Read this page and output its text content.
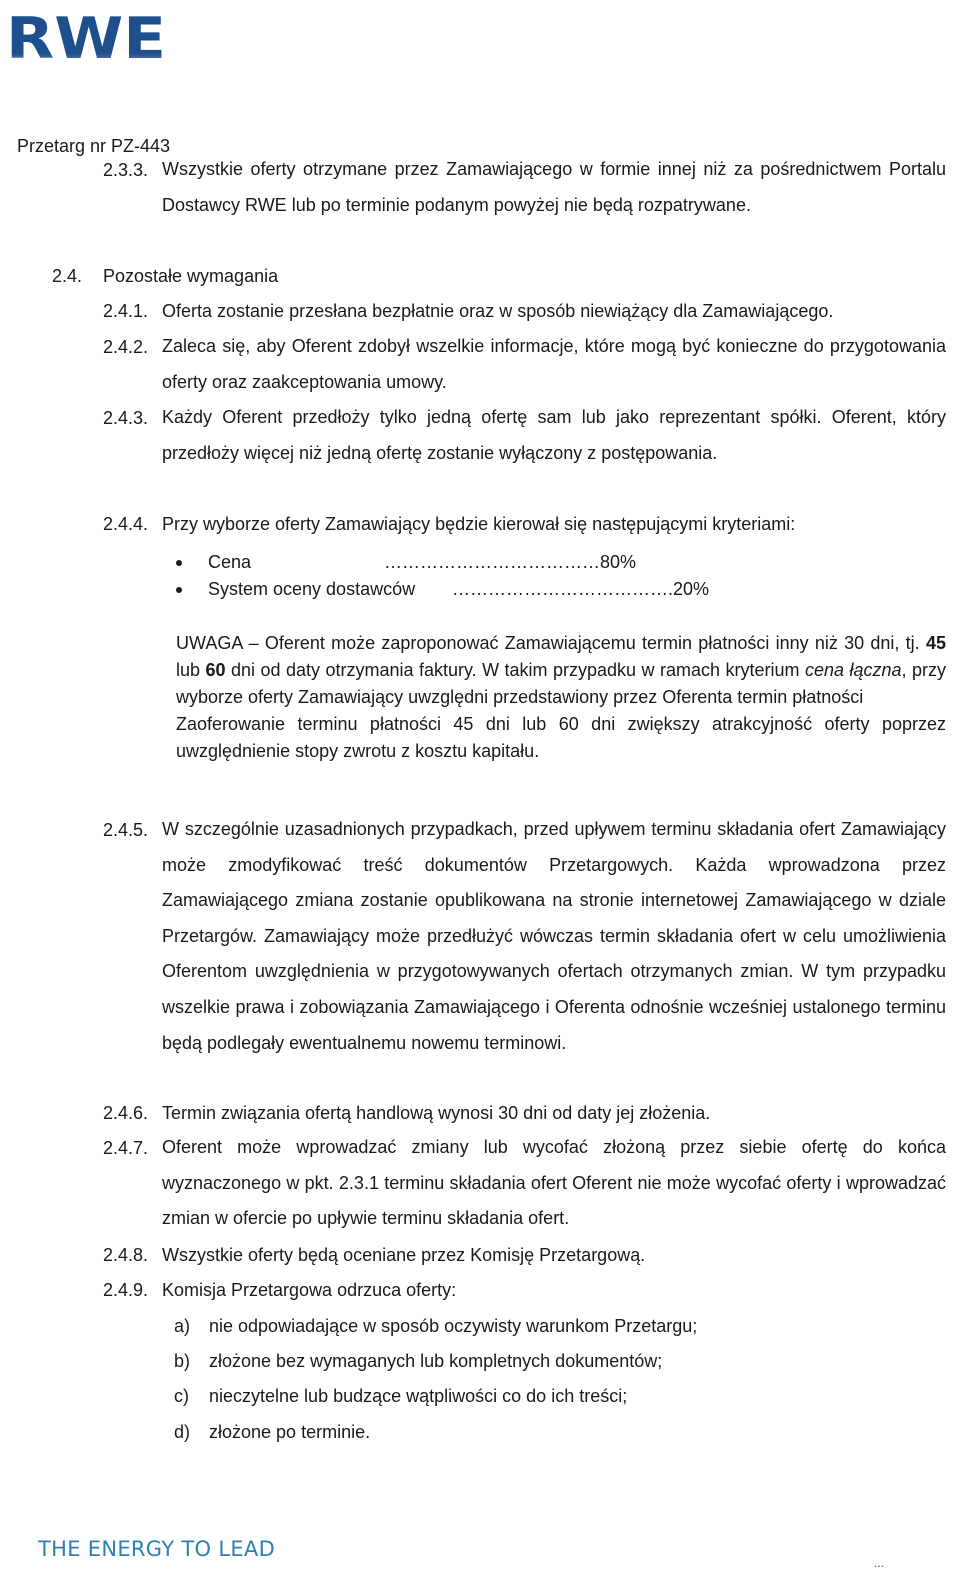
RWE
Przetarg nr PZ-443
2.3.3. Wszystkie oferty otrzymane przez Zamawiającego w formie innej niż za pośrednictwem Portalu Dostawcy RWE lub po terminie podanym powyżej nie będą rozpatrywane.
2.4. Pozostałe wymagania
2.4.1. Oferta zostanie przesłana bezpłatnie oraz w sposób niewiążący dla Zamawiającego.
2.4.2. Zaleca się, aby Oferent zdobył wszelkie informacje, które mogą być konieczne do przygotowania oferty oraz zaakceptowania umowy.
2.4.3. Każdy Oferent przedłoży tylko jedną ofertę sam lub jako reprezentant spółki. Oferent, który przedłoży więcej niż jedną ofertę zostanie wyłączony z postępowania.
2.4.4. Przy wyborze oferty Zamawiający będzie kierował się następującymi kryteriami:
Cena	………………………………80%
System oceny dostawców ……………………………….20%
UWAGA – Oferent może zaproponować Zamawiającemu termin płatności inny niż 30 dni, tj. 45 lub 60 dni od daty otrzymania faktury. W takim przypadku w ramach kryterium cena łączna, przy wyborze oferty Zamawiający uwzględni przedstawiony przez Oferenta termin płatności
Zaoferowanie terminu płatności 45 dni lub 60 dni zwiększy atrakcyjność oferty poprzez uwzględnienie stopy zwrotu z kosztu kapitału.
2.4.5. W szczególnie uzasadnionych przypadkach, przed upływem terminu składania ofert Zamawiający może zmodyfikować treść dokumentów Przetargowych. Każda wprowadzona przez Zamawiającego zmiana zostanie opublikowana na stronie internetowej Zamawiającego w dziale Przetargów. Zamawiający może przedłużyć wówczas termin składania ofert w celu umożliwienia Oferentom uwzględnienia w przygotowywanych ofertach otrzymanych zmian. W tym przypadku wszelkie prawa i zobowiązania Zamawiającego i Oferenta odnośnie wcześniej ustalonego terminu będą podlegały ewentualnemu nowemu terminowi.
2.4.6. Termin związania ofertą handlową wynosi 30 dni od daty jej złożenia.
2.4.7. Oferent może wprowadzać zmiany lub wycofać złożoną przez siebie ofertę do końca wyznaczonego w pkt. 2.3.1 terminu składania ofert Oferent nie może wycofać oferty i wprowadzać zmian w ofercie po upływie terminu składania ofert.
2.4.8. Wszystkie oferty będą oceniane przez Komisję Przetargową.
2.4.9. Komisja Przetargowa odrzuca oferty:
a) nie odpowiadające w sposób oczywisty warunkom Przetargu;
b) złożone bez wymaganych lub kompletnych dokumentów;
c) nieczytelne lub budzące wątpliwości co do ich treści;
d) złożone po terminie.
THE ENERGY TO LEAD
...
